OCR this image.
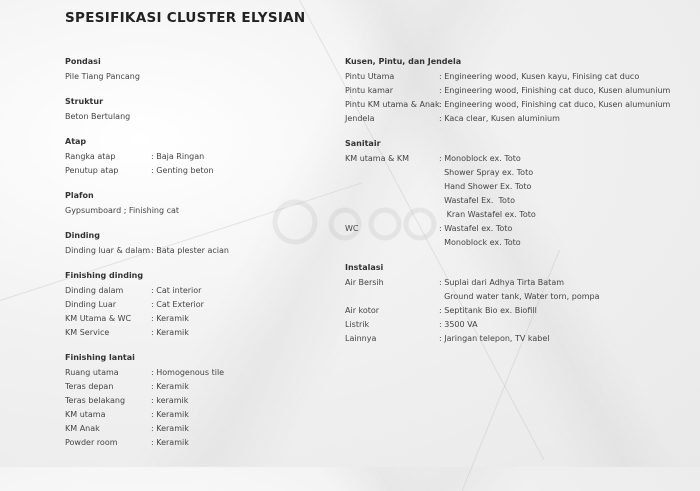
SPESIFIKASI CLUSTER ELYSIAN
Pondasi
Pile Tiang Pancang
Struktur
Beton Bertulang
Atap
Rangka atap	: Baja Ringan
Penutup atap	: Genting beton
Plafon
Gypsumboard ; Finishing cat
Dinding
Dinding luar & dalam : Bata plester acian
Finishing dinding
Dinding dalam	: Cat interior
Dinding Luar	: Cat Exterior
KM Utama & WC	: Keramik
KM Service	: Keramik
Finishing lantai
Ruang utama	: Homogenous tile
Teras depan	: Keramik
Teras belakang	: keramik
KM utama	: Keramik
KM Anak	: Keramik
Powder room	: Keramik
Kusen, Pintu, dan Jendela
Pintu Utama	: Engineering wood, Kusen kayu, Finising cat duco
Pintu kamar	: Engineering wood, Finishing cat duco, Kusen alumunium
Pintu KM utama & Anak : Engineering wood, Finishing cat duco, Kusen alumunium
Jendela	: Kaca clear, Kusen aluminium
Sanitair
KM utama & KM	: Monoblock ex. Toto
Shower Spray ex. Toto
Hand Shower Ex. Toto
Wastafel Ex.  Toto
Kran Wastafel ex. Toto
WC	: Wastafel ex. Toto
Monoblock ex. Toto
Instalasi
Air Bersih	: Suplai dari Adhya Tirta Batam
Ground water tank, Water torn, pompa
Air kotor	: Septitank Bio ex. Biofill
Listrik	: 3500 VA
Lainnya	: Jaringan telepon, TV kabel
